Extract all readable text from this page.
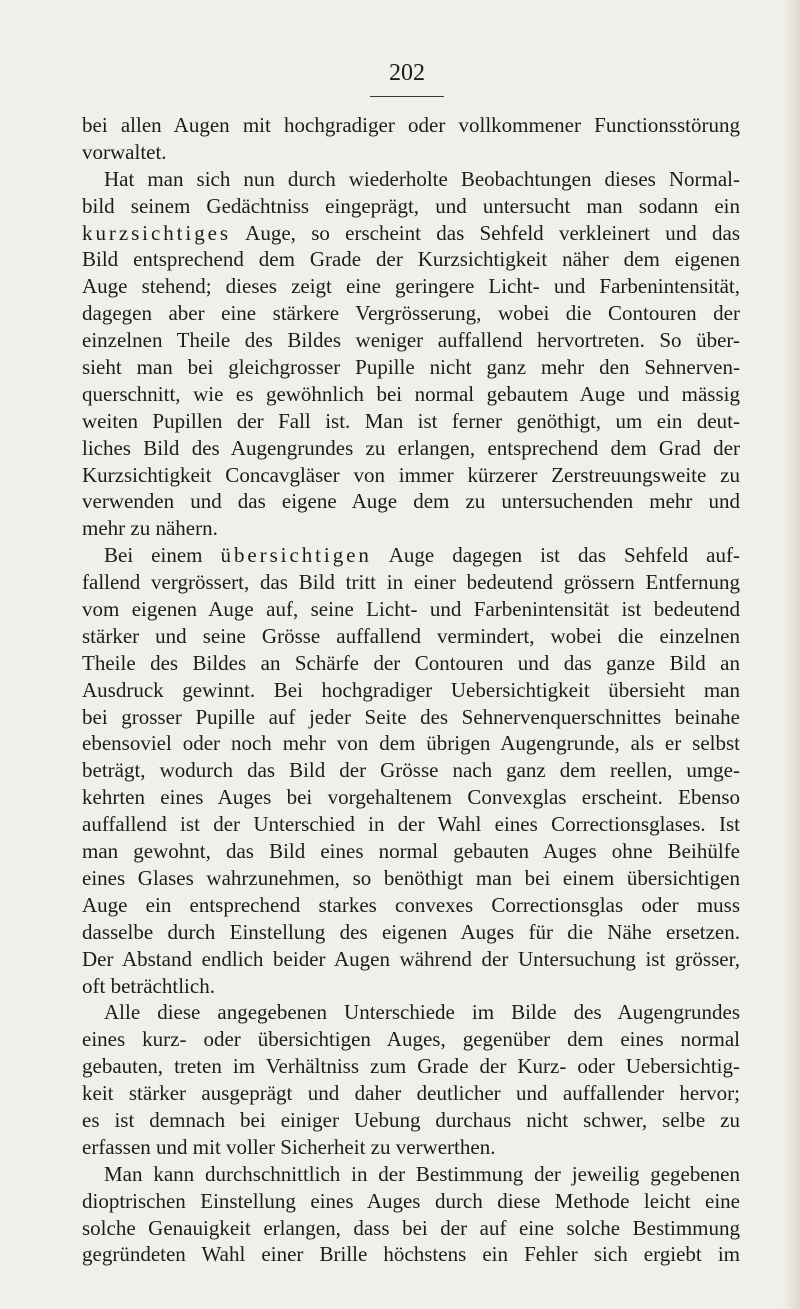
202
bei allen Augen mit hochgradiger oder vollkommener Functionsstörung
vorwaltet.
Hat man sich nun durch wiederholte Beobachtungen dieses Normal-
bild seinem Gedächtniss eingeprägt, und untersucht man sodann ein
kurzsichtiges Auge, so erscheint das Sehfeld verkleinert und das
Bild entsprechend dem Grade der Kurzsichtigkeit näher dem eigenen
Auge stehend; dieses zeigt eine geringere Licht- und Farbenintensität,
dagegen aber eine stärkere Vergrösserung, wobei die Contouren der
einzelnen Theile des Bildes weniger auffallend hervortreten. So über-
sieht man bei gleichgrosser Pupille nicht ganz mehr den Sehnerven-
querschnitt, wie es gewöhnlich bei normal gebautem Auge und mässig
weiten Pupillen der Fall ist. Man ist ferner genöthigt, um ein deut-
liches Bild des Augengrundes zu erlangen, entsprechend dem Grad der
Kurzsichtigkeit Concavgläser von immer kürzerer Zerstreuungsweite zu
verwenden und das eigene Auge dem zu untersuchenden mehr und
mehr zu nähern.
Bei einem übersichtigen Auge dagegen ist das Sehfeld auf-
fallend vergrössert, das Bild tritt in einer bedeutend grössern Entfernung
vom eigenen Auge auf, seine Licht- und Farbenintensität ist bedeutend
stärker und seine Grösse auffallend vermindert, wobei die einzelnen
Theile des Bildes an Schärfe der Contouren und das ganze Bild an
Ausdruck gewinnt. Bei hochgradiger Uebersichtigkeit übersieht man
bei grosser Pupille auf jeder Seite des Sehnervenquerschnittes beinahe
ebensoviel oder noch mehr von dem übrigen Augengrunde, als er selbst
beträgt, wodurch das Bild der Grösse nach ganz dem reellen, umge-
kehrten eines Auges bei vorgehaltenem Convexglas erscheint. Ebenso
auffallend ist der Unterschied in der Wahl eines Correctionsglases. Ist
man gewohnt, das Bild eines normal gebauten Auges ohne Beihülfe
eines Glases wahrzunehmen, so benöthigt man bei einem übersichtigen
Auge ein entsprechend starkes convexes Correctionsglas oder muss
dasselbe durch Einstellung des eigenen Auges für die Nähe ersetzen.
Der Abstand endlich beider Augen während der Untersuchung ist grösser,
oft beträchtlich.
Alle diese angegebenen Unterschiede im Bilde des Augengrundes
eines kurz- oder übersichtigen Auges, gegenüber dem eines normal
gebauten, treten im Verhältniss zum Grade der Kurz- oder Uebersichtig-
keit stärker ausgeprägt und daher deutlicher und auffallender hervor;
es ist demnach bei einiger Uebung durchaus nicht schwer, selbe zu
erfassen und mit voller Sicherheit zu verwerthen.
Man kann durchschnittlich in der Bestimmung der jeweilig gegebenen
dioptrischen Einstellung eines Auges durch diese Methode leicht eine
solche Genauigkeit erlangen, dass bei der auf eine solche Bestimmung
gegründeten Wahl einer Brille höchstens ein Fehler sich ergiebt im
